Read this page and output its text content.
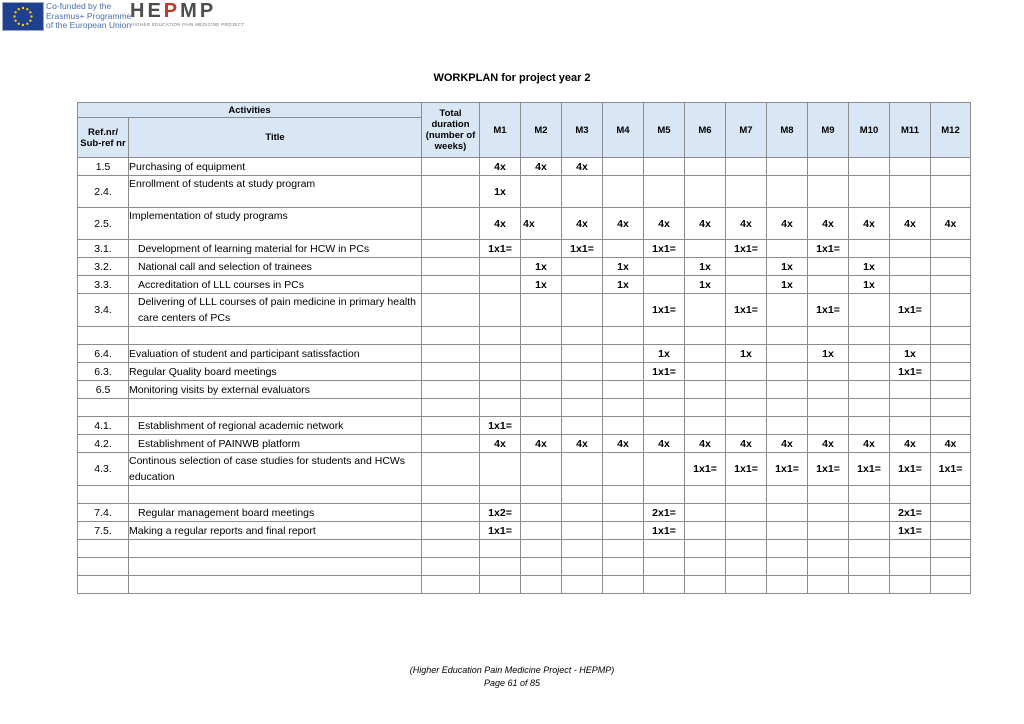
Co-funded by the
Erasmus+ Programme
of the European Union
HEPMP
HIGHER EDUCATION PAIN MEDICINE PROJECT
WORKPLAN for project year 2
Activities		Total duration (number of weeks)	M1	M2	M3	M4	M5	M6	M7	M8	M9	M10	M11	M12
Ref.nr/ Sub-ref nr	Title													
1.5	Purchasing of equipment		4x	4x	4x									
2.4.	Enrollment of students at study program		1x											
2.5.	Implementation of study programs		4x	4x	4x	4x	4x	4x	4x	4x	4x	4x	4x	4x
3.1.	Development of learning material for HCW in PCs		1x1=		1x1=		1x1=		1x1=		1x1=			
3.2.	National call and selection of trainees			1x		1x		1x		1x		1x		
3.3.	Accreditation of LLL courses in PCs			1x		1x		1x		1x		1x		
3.4.	Delivering of LLL courses of pain medicine in primary health care centers of PCs						1x1=		1x1=		1x1=		1x1=	

6.4.	Evaluation of student and participant satissfaction						1x		1x		1x		1x	
6.3.	Regular Quality board meetings						1x1=						1x1=	
6.5	Monitoring visits by external evaluators													

4.1.	Establishment of regional academic network		1x1=											
4.2.	Establishment of PAINWB platform		4x	4x	4x	4x	4x	4x	4x	4x	4x	4x	4x	4x
4.3.	Continous selection of case studies for students and HCWs education							1x1=	1x1=	1x1=	1x1=	1x1=	1x1=	1x1=

7.4.	Regular management board meetings		1x2=				2x1=						2x1=	
7.5.	Making a regular reports and final report		1x1=				1x1=						1x1=	

(Higher Education Pain Medicine Project - HEPMP)
Page 61 of 85
